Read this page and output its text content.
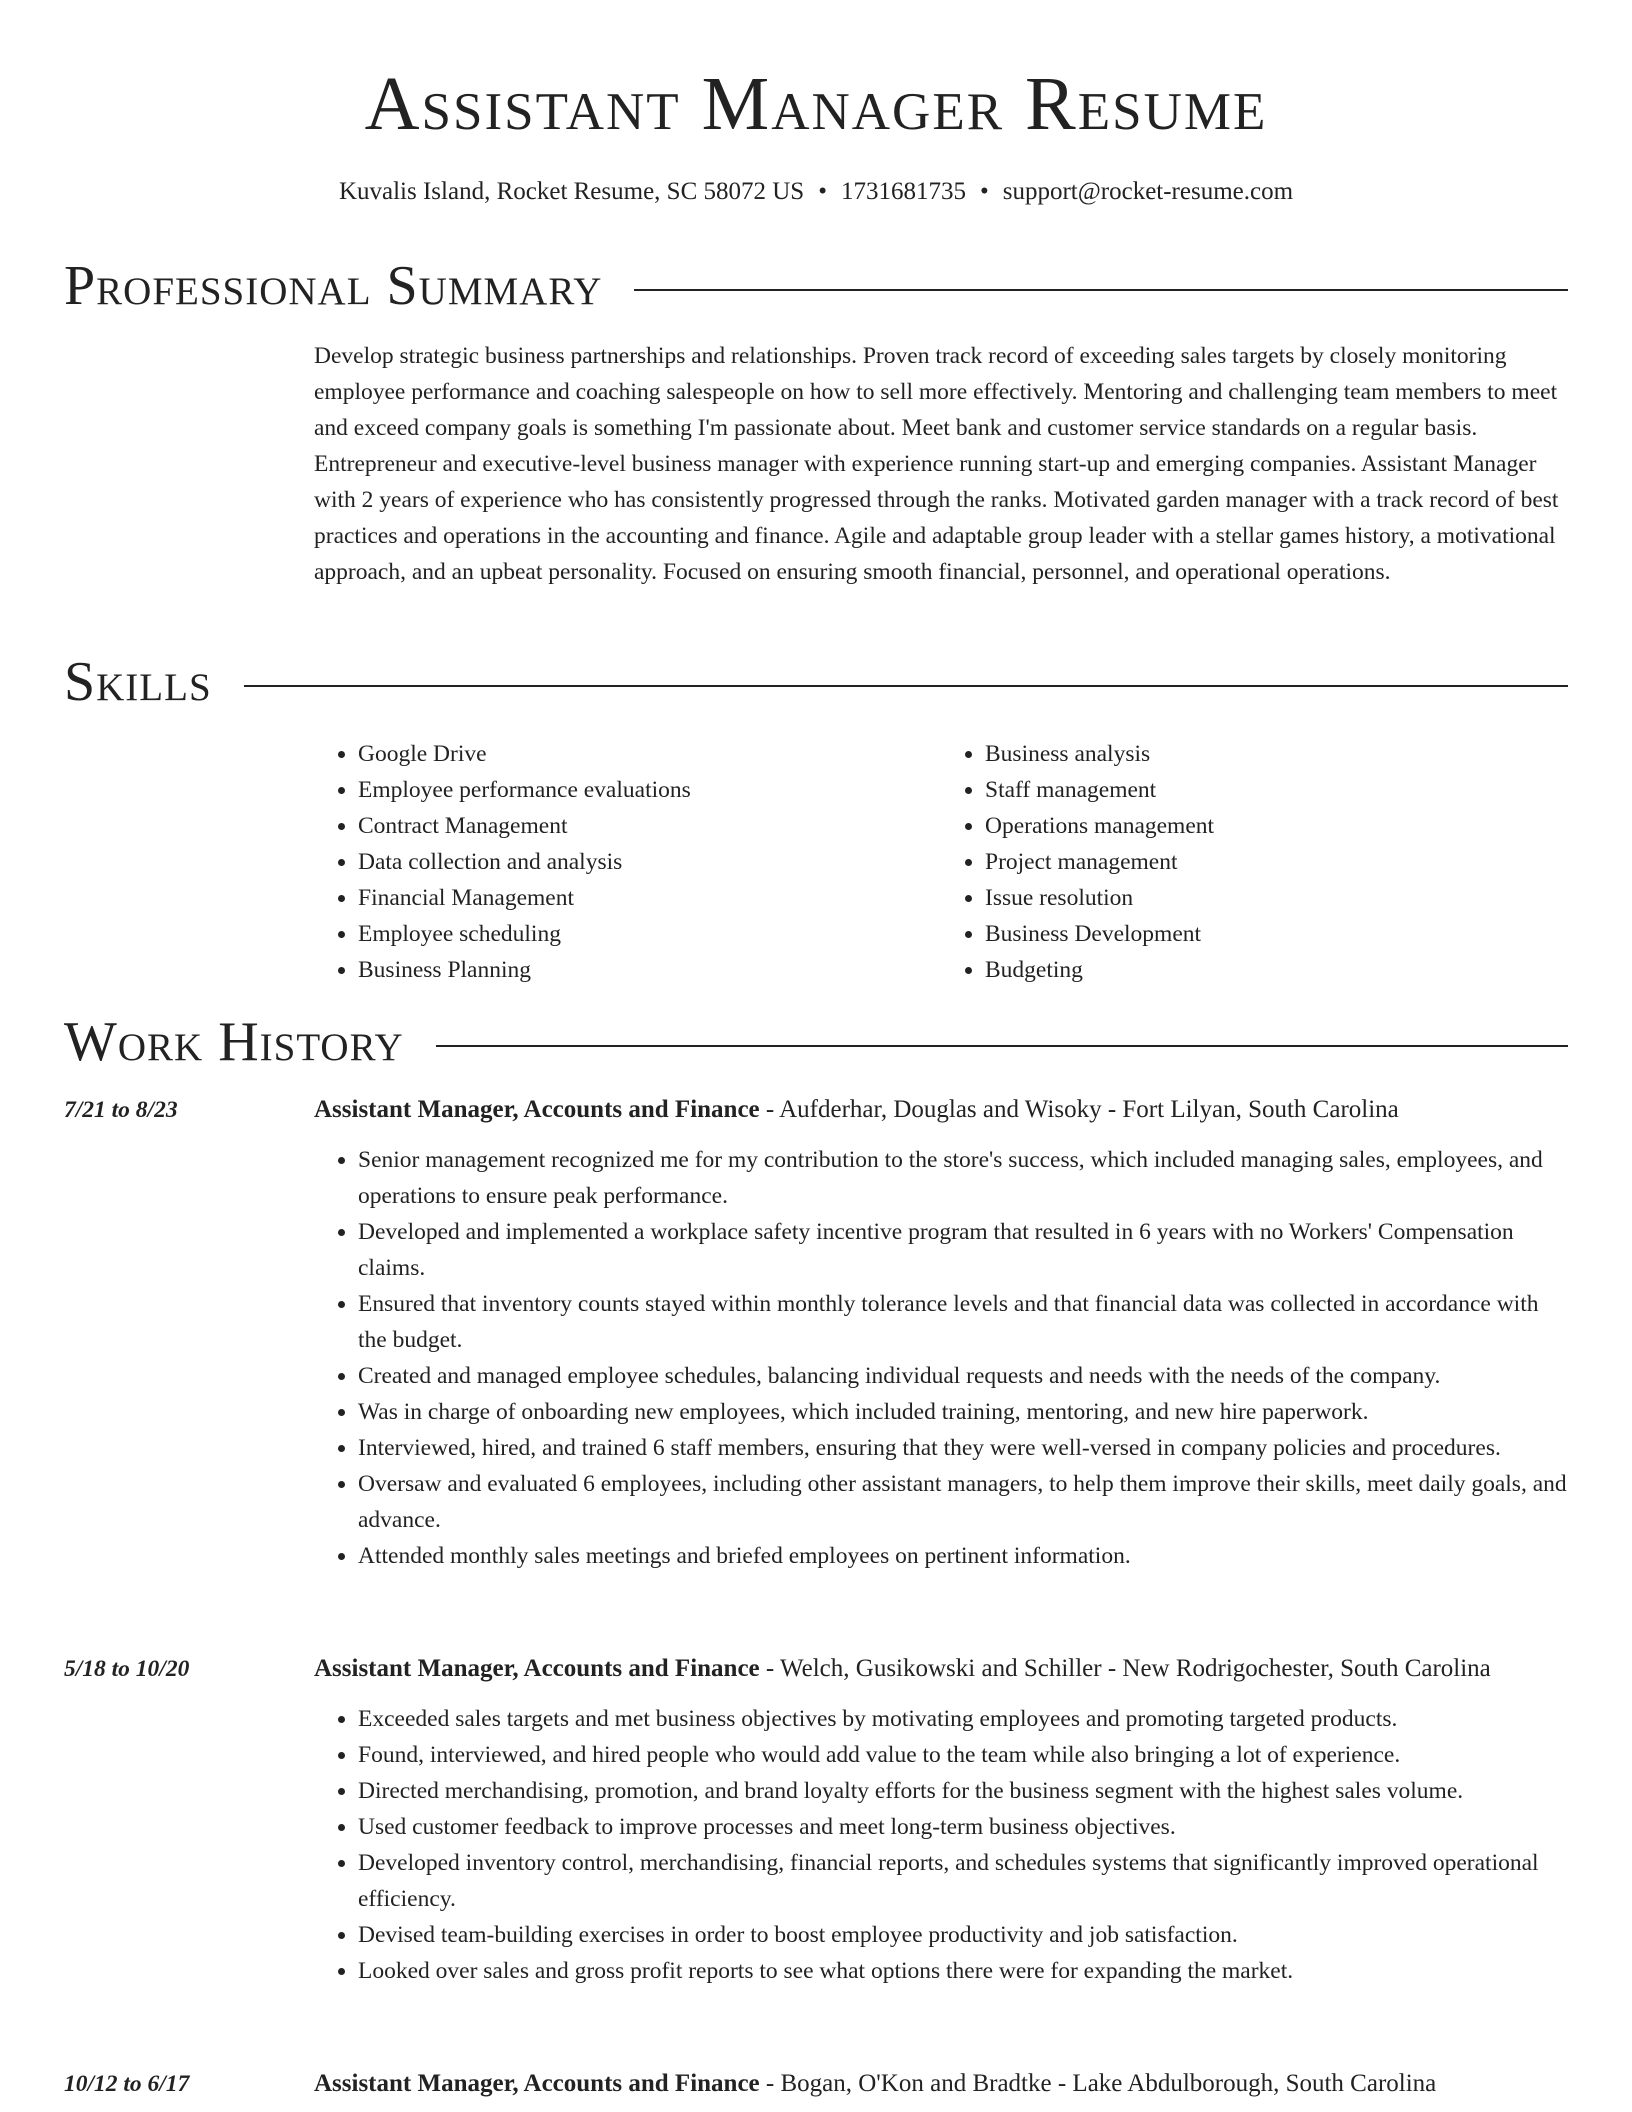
Assistant Manager Resume
Kuvalis Island, Rocket Resume, SC 58072 US • 1731681735 • support@rocket-resume.com
Professional Summary

Develop strategic business partnerships and relationships. Proven track record of exceeding sales targets by closely monitoring employee performance and coaching salespeople on how to sell more effectively. Mentoring and challenging team members to meet and exceed company goals is something I'm passionate about. Meet bank and customer service standards on a regular basis. Entrepreneur and executive-level business manager with experience running start-up and emerging companies. Assistant Manager with 2 years of experience who has consistently progressed through the ranks. Motivated garden manager with a track record of best practices and operations in the accounting and finance. Agile and adaptable group leader with a stellar games history, a motivational approach, and an upbeat personality. Focused on ensuring smooth financial, personnel, and operational operations.

Skills
• Google Drive
• Employee performance evaluations
• Contract Management
• Data collection and analysis
• Financial Management
• Employee scheduling
• Business Planning
• Business analysis
• Staff management
• Operations management
• Project management
• Issue resolution
• Business Development
• Budgeting
Work History
7/21 to 8/23	Assistant Manager, Accounts and Finance - Aufderhar, Douglas and Wisoky - Fort Lilyan, South Carolina
• Senior management recognized me for my contribution to the store's success, which included managing sales, employees, and operations to ensure peak performance.
• Developed and implemented a workplace safety incentive program that resulted in 6 years with no Workers' Compensation claims.
• Ensured that inventory counts stayed within monthly tolerance levels and that financial data was collected in accordance with the budget.
• Created and managed employee schedules, balancing individual requests and needs with the needs of the company.
• Was in charge of onboarding new employees, which included training, mentoring, and new hire paperwork.
• Interviewed, hired, and trained 6 staff members, ensuring that they were well-versed in company policies and procedures.
• Oversaw and evaluated 6 employees, including other assistant managers, to help them improve their skills, meet daily goals, and advance.
• Attended monthly sales meetings and briefed employees on pertinent information.
5/18 to 10/20	Assistant Manager, Accounts and Finance - Welch, Gusikowski and Schiller - New Rodrigochester, South Carolina
• Exceeded sales targets and met business objectives by motivating employees and promoting targeted products.
• Found, interviewed, and hired people who would add value to the team while also bringing a lot of experience.
• Directed merchandising, promotion, and brand loyalty efforts for the business segment with the highest sales volume.
• Used customer feedback to improve processes and meet long-term business objectives.
• Developed inventory control, merchandising, financial reports, and schedules systems that significantly improved operational efficiency.
• Devised team-building exercises in order to boost employee productivity and job satisfaction.
• Looked over sales and gross profit reports to see what options there were for expanding the market.
10/12 to 6/17	Assistant Manager, Accounts and Finance - Bogan, O'Kon and Bradtke - Lake Abdulborough, South Carolina
